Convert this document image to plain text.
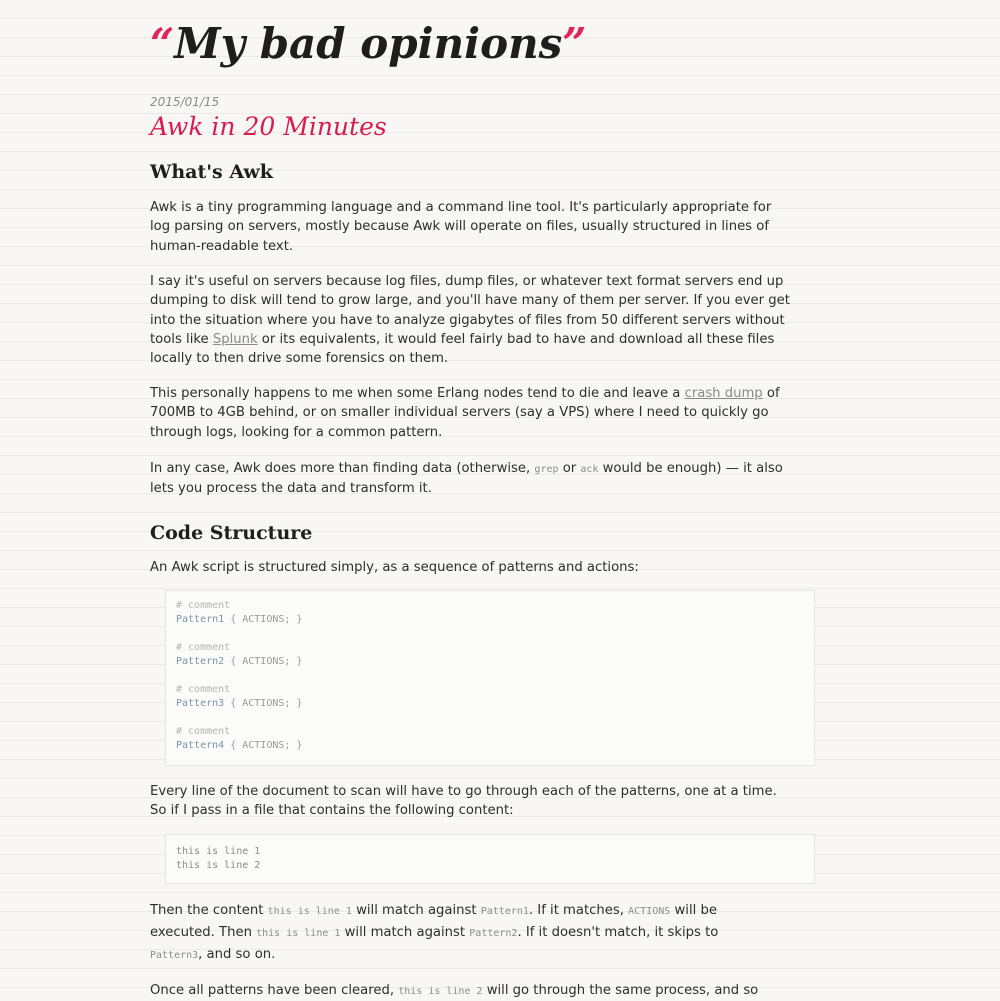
“My bad opinions”
2015/01/15
Awk in 20 Minutes
What's Awk

Awk is a tiny programming language and a command line tool. It's particularly appropriate for
log parsing on servers, mostly because Awk will operate on files, usually structured in lines of
human-readable text.

I say it's useful on servers because log files, dump files, or whatever text format servers end up
dumping to disk will tend to grow large, and you'll have many of them per server. If you ever get
into the situation where you have to analyze gigabytes of files from 50 different servers without
tools like Splunk or its equivalents, it would feel fairly bad to have and download all these files
locally to then drive some forensics on them.

This personally happens to me when some Erlang nodes tend to die and leave a crash dump of
700MB to 4GB behind, or on smaller individual servers (say a VPS) where I need to quickly go
through logs, looking for a common pattern.

In any case, Awk does more than finding data (otherwise, grep or ack would be enough) — it also
lets you process the data and transform it.

Code Structure

An Awk script is structured simply, as a sequence of patterns and actions:

# comment
Pattern1 { ACTIONS; }
# comment
Pattern2 { ACTIONS; }
# comment
Pattern3 { ACTIONS; }
# comment
Pattern4 { ACTIONS; }

Every line of the document to scan will have to go through each of the patterns, one at a time.
So if I pass in a file that contains the following content:

this is line 1
this is line 2

Then the content this is line 1 will match against Pattern1. If it matches, ACTIONS will be
executed. Then this is line 1 will match against Pattern2. If it doesn't match, it skips to
Pattern3, and so on.

Once all patterns have been cleared, this is line 2 will go through the same process, and so
